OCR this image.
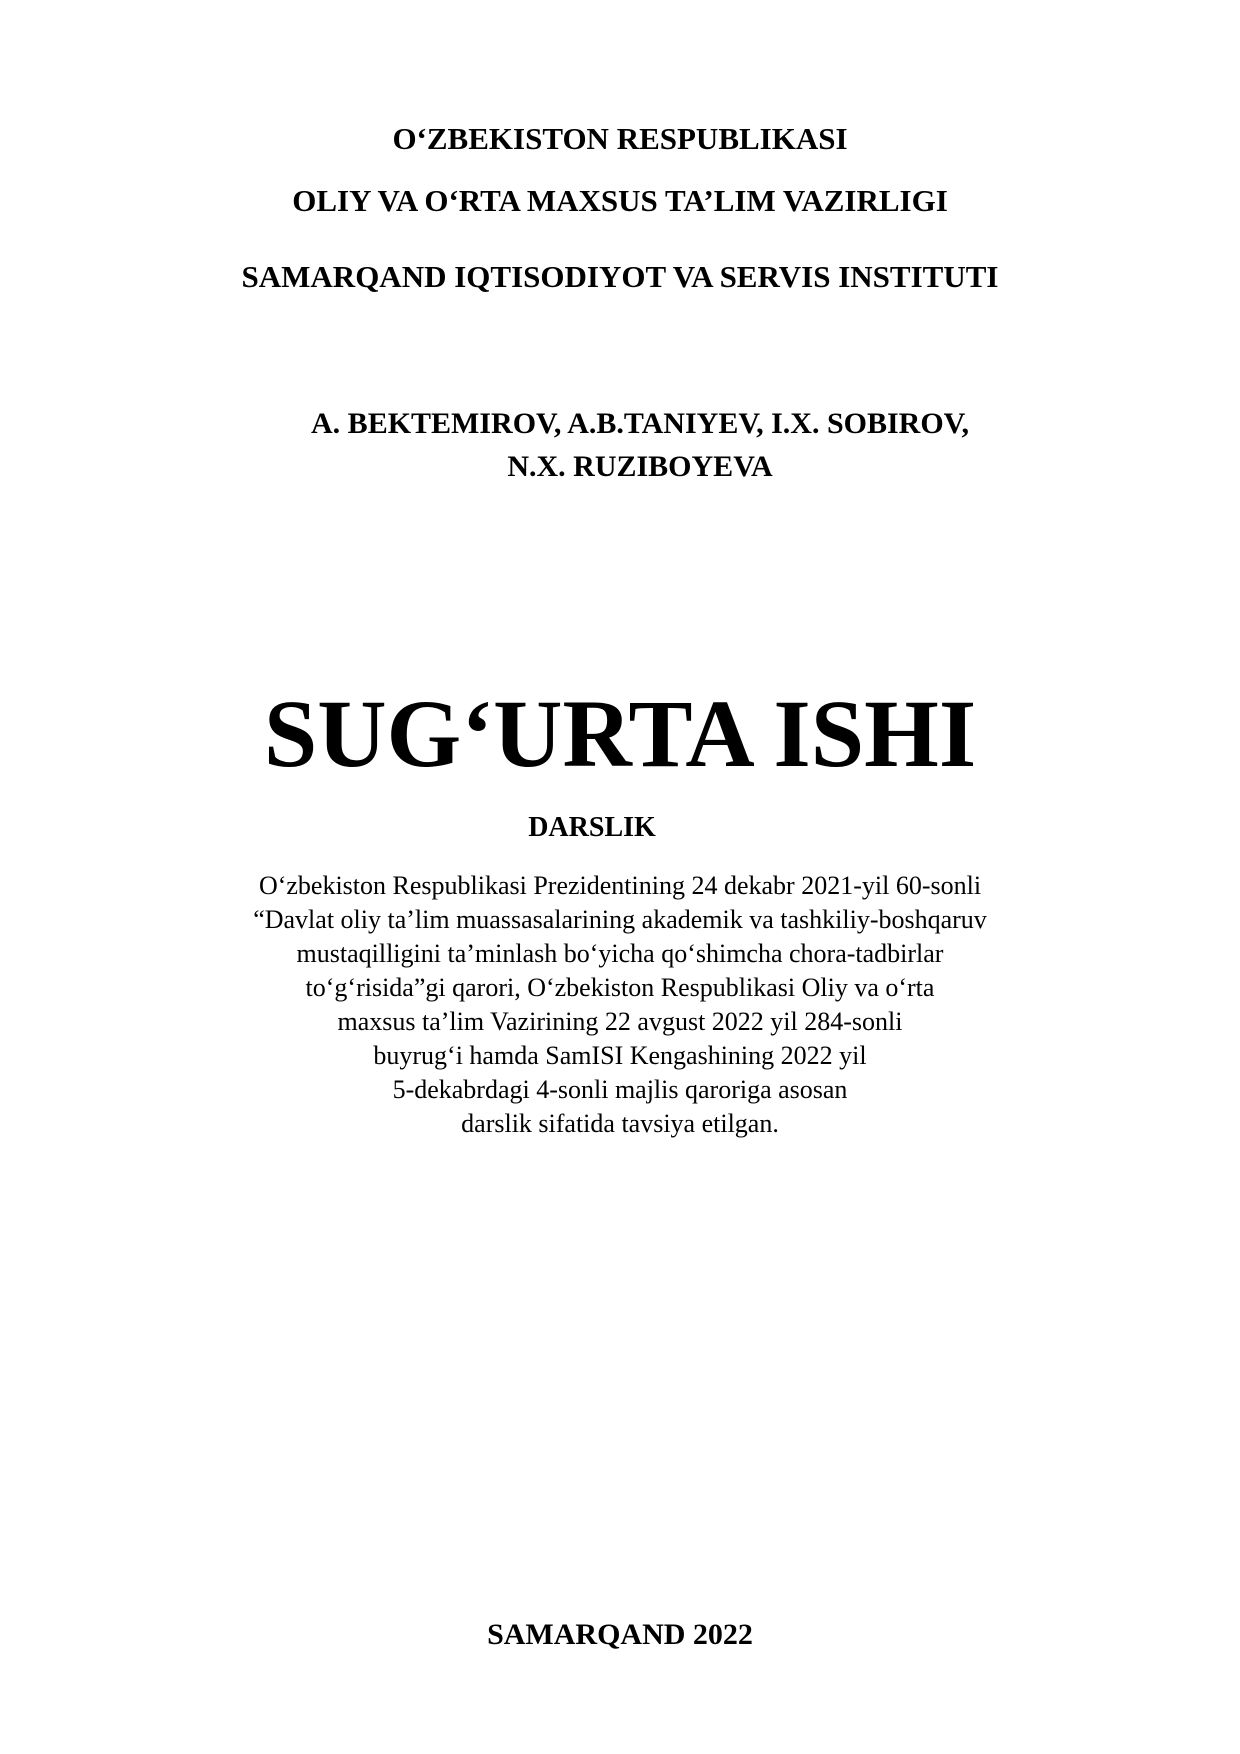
O‘ZBEKISTON RESPUBLIKASI

OLIY VA O‘RTA MAXSUS TA’LIM VAZIRLIGI

SAMARQAND IQTISODIYOT VA SERVIS INSTITUTI

A. BEKTEMIROV, A.B.TANIYEV, I.X. SOBIROV,

N.X. RUZIBOYEVA

SUG‘URTA ISHI

DARSLIK

O‘zbekiston Respublikasi Prezidentining 24 dekabr 2021-yil 60-sonli

“Davlat oliy ta’lim muassasalarining akademik va tashkiliy-boshqaruv

mustaqilligini ta’minlash bo‘yicha qo‘shimcha chora-tadbirlar

to‘g‘risida”gi qarori, O‘zbekiston Respublikasi Oliy va o‘rta

maxsus ta’lim Vazirining 22 avgust 2022 yil 284-sonli

buyrug‘i hamda SamISI Kengashining 2022 yil

5-dekabrdagi 4-sonli majlis qaroriga asosan

darslik sifatida tavsiya etilgan.

SAMARQAND 2022
